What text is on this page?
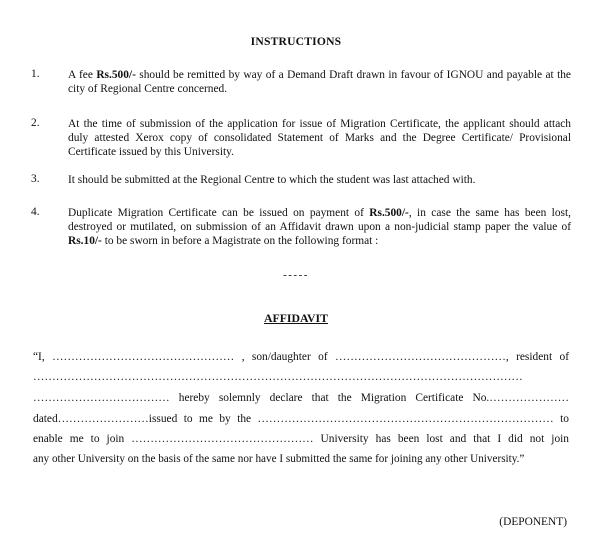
INSTRUCTIONS
1. A fee Rs.500/- should be remitted by way of a Demand Draft drawn in favour of IGNOU and payable at the city of Regional Centre concerned.
2. At the time of submission of the application for issue of Migration Certificate, the applicant should attach duly attested Xerox copy of consolidated Statement of Marks and the Degree Certificate/ Provisional Certificate issued by this University.
3. It should be submitted at the Regional Centre to which the student was last attached with.
4. Duplicate Migration Certificate can be issued on payment of Rs.500/-, in case the same has been lost, destroyed or mutilated, on submission of an Affidavit drawn upon a non-judicial stamp paper the value of Rs.10/- to be sworn in before a Magistrate on the following format :
-----
AFFIDAVIT
“I, ………………………………………… , son/daughter of ………………………………………, resident of
…………………………………………………………………………………………………………………
……………………………… hereby solemnly declare that the Migration Certificate No.…………………
dated……………………issued to me by the …………………………………………………………………… to
enable me to join ………………………………………… University has been lost and that I did not join
any other University on the basis of the same nor have I submitted the same for joining any other University.”
(DEPONENT)
